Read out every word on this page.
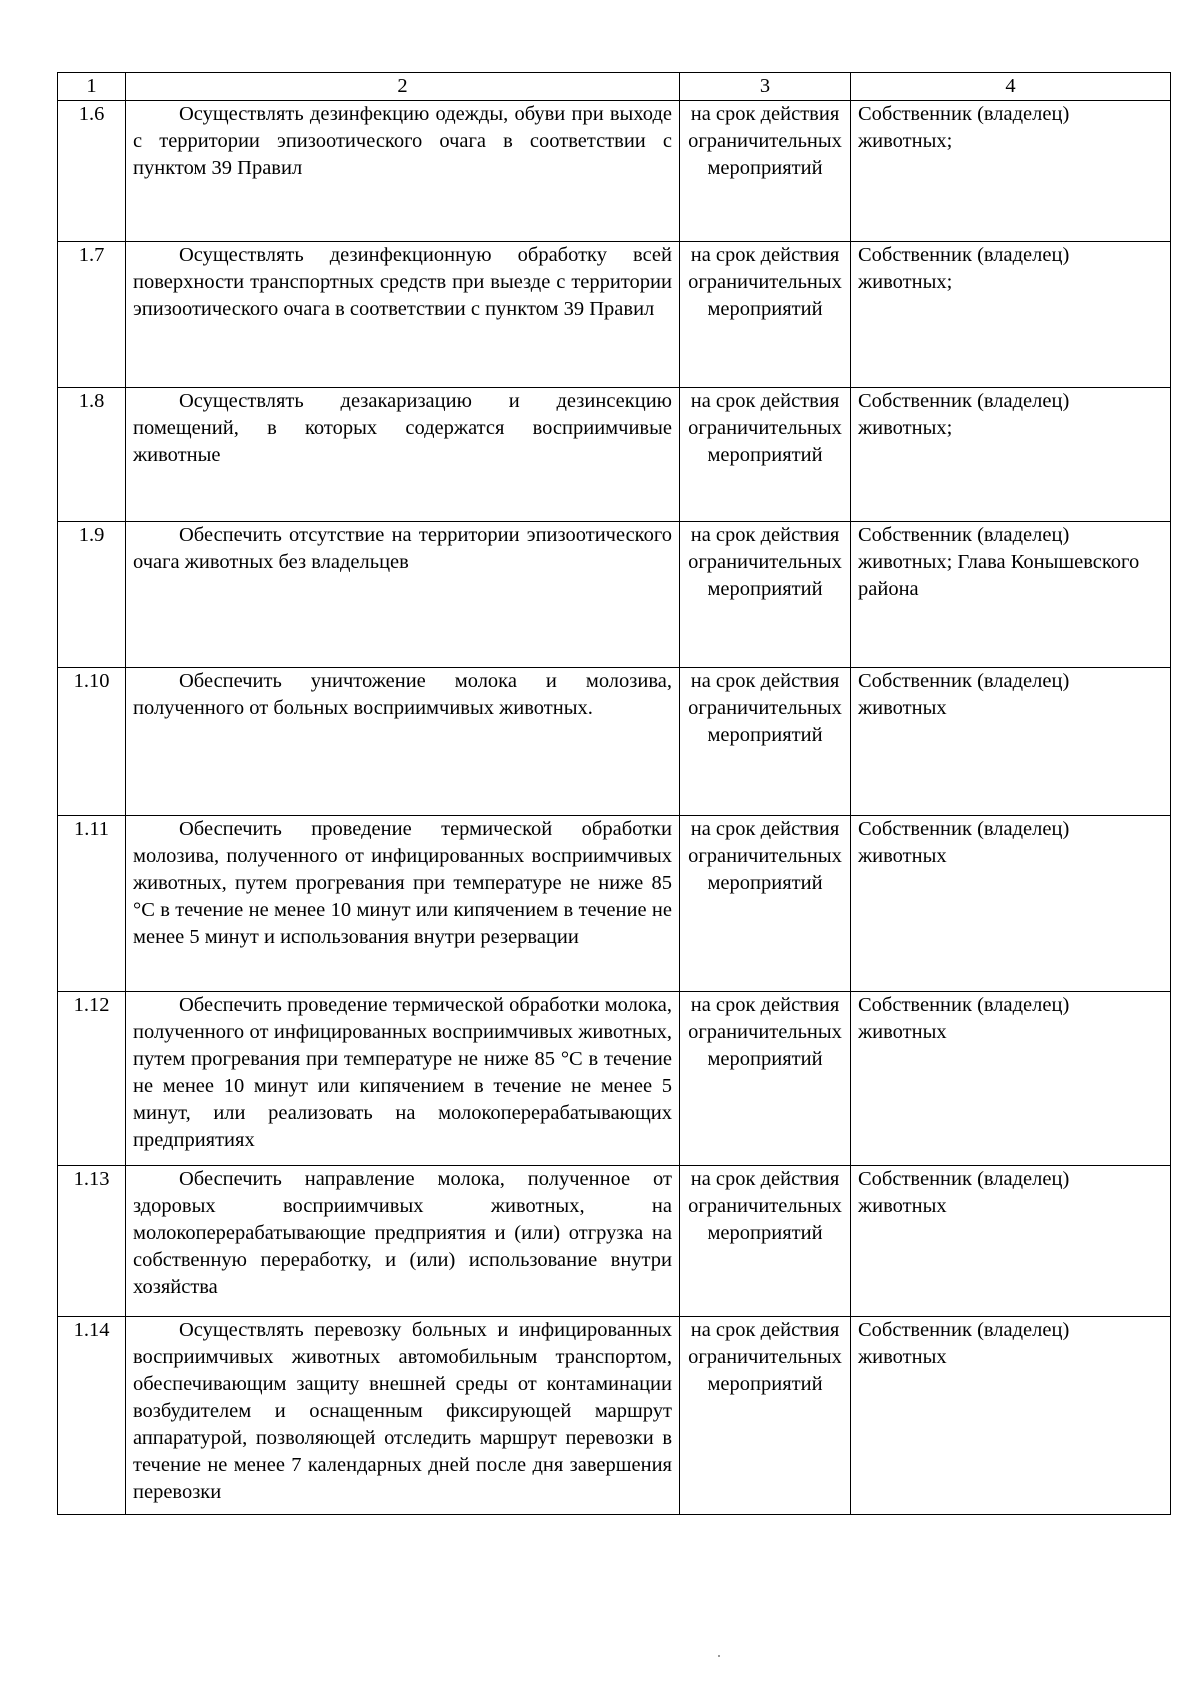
1	2	3	4
1.6	Осуществлять дезинфекцию одежды, обуви при выходе с территории эпизоотического очага в соответствии с пунктом 39 Правил	на срок действия ограничительных мероприятий	Собственник (владелец) животных;
1.7	Осуществлять дезинфекционную обработку всей поверхности транспортных средств при выезде с территории эпизоотического очага в соответствии с пунктом 39 Правил	на срок действия ограничительных мероприятий	Собственник (владелец) животных;
1.8	Осуществлять дезакаризацию и дезинсекцию помещений, в которых содержатся восприимчивые животные	на срок действия ограничительных мероприятий	Собственник (владелец) животных;
1.9	Обеспечить отсутствие на территории эпизоотического очага животных без владельцев	на срок действия ограничительных мероприятий	Собственник (владелец) животных; Глава Конышевского района
1.10	Обеспечить уничтожение молока и молозива, полученного от больных восприимчивых животных.	на срок действия ограничительных мероприятий	Собственник (владелец) животных
1.11	Обеспечить проведение термической обработки молозива, полученного от инфицированных восприимчивых животных, путем прогревания при температуре не ниже 85 °С в течение не менее 10 минут или кипячением в течение не менее 5 минут и использования внутри резервации	на срок действия ограничительных мероприятий	Собственник (владелец) животных
1.12	Обеспечить проведение термической обработки молока, полученного от инфицированных восприимчивых животных, путем прогревания при температуре не ниже 85 °С в течение не менее 10 минут или кипячением в течение не менее 5 минут, или реализовать на молокоперерабатывающих предприятиях	на срок действия ограничительных мероприятий	Собственник (владелец) животных
1.13	Обеспечить направление молока, полученное от здоровых восприимчивых животных, на молокоперерабатывающие предприятия и (или) отгрузка на собственную переработку, и (или) использование внутри хозяйства	на срок действия ограничительных мероприятий	Собственник (владелец) животных
1.14	Осуществлять перевозку больных и инфицированных восприимчивых животных автомобильным транспортом, обеспечивающим защиту внешней среды от контаминации возбудителем и оснащенным фиксирующей маршрут аппаратурой, позволяющей отследить маршрут перевозки в течение не менее 7 календарных дней после дня завершения перевозки	на срок действия ограничительных мероприятий	Собственник (владелец) животных
